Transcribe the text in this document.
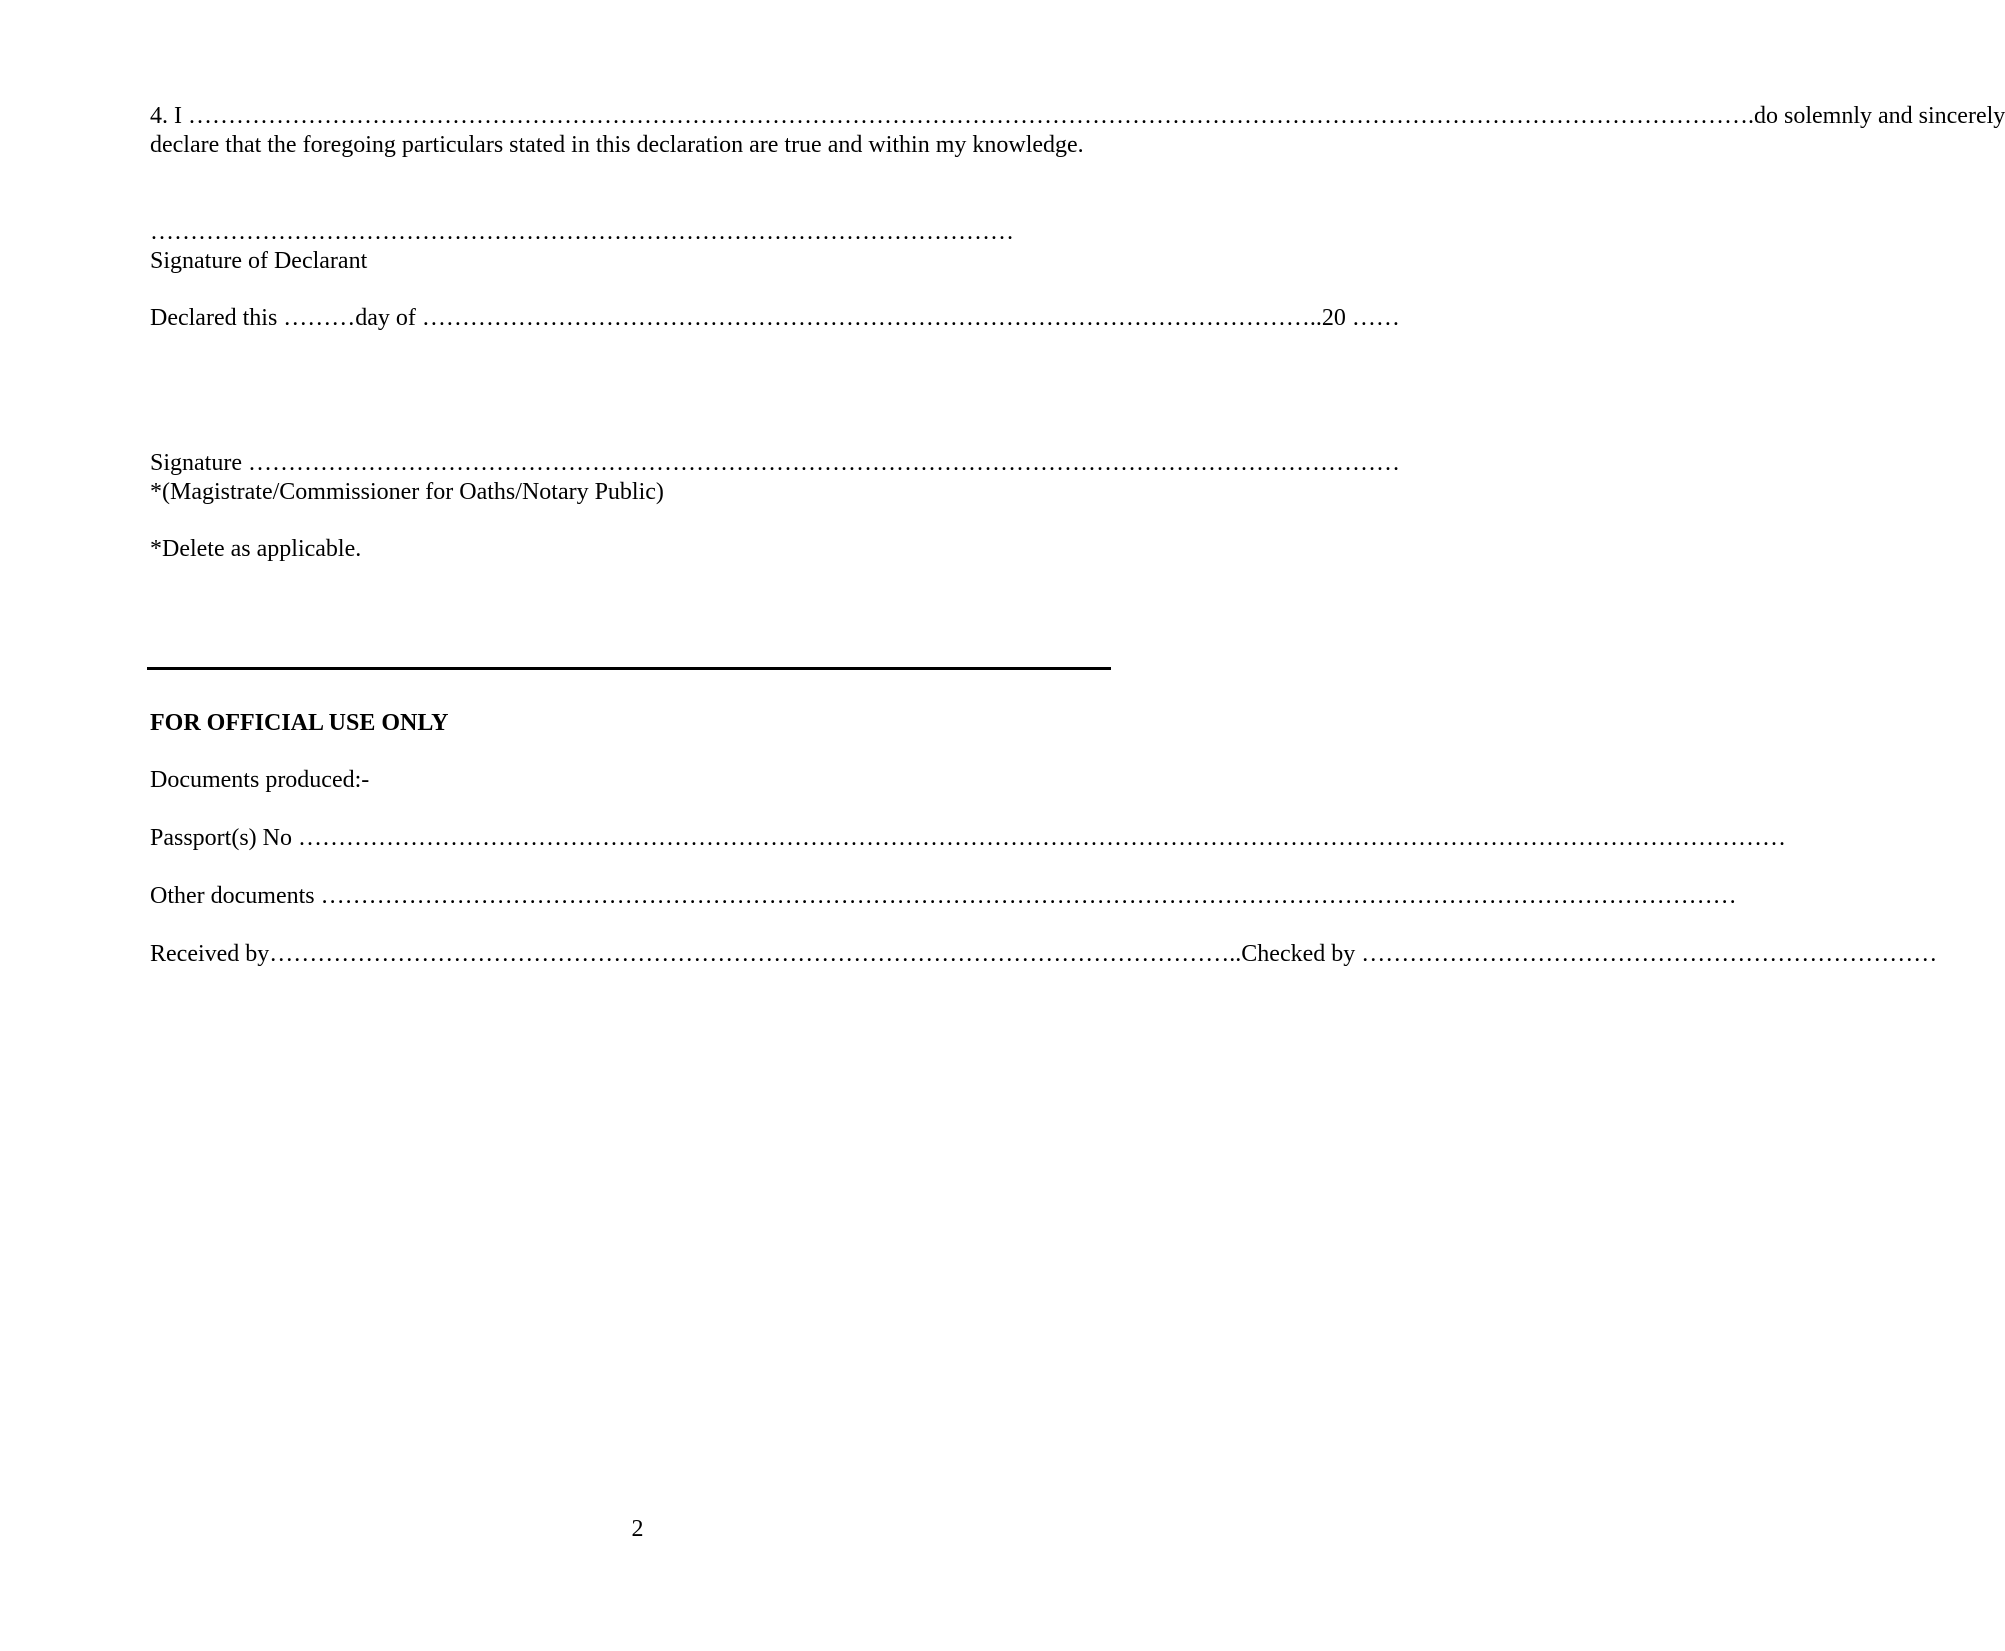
4. I …………………………………………………………………………………………………………………………………………………………………………….do solemnly and sincerely
declare that the foregoing particulars stated in this declaration are true and within my knowledge.
………………………………………………………………………………………………
Signature of Declarant
Declared this ………day of …………………………………………………………………………………………………..20 ……
Signature ………………………………………………………………………………………………………………………………
*(Magistrate/Commissioner for Oaths/Notary Public)
*Delete as applicable.
FOR OFFICIAL USE ONLY
Documents produced:-
Passport(s) No ……………………………………………………………………………………………………………………………………………………………………
Other documents ……………………………………………………………………………………………………………………………………………………………
Received by…………………………………………………………………………………………………………..Checked by ………………………………………………………………
2
